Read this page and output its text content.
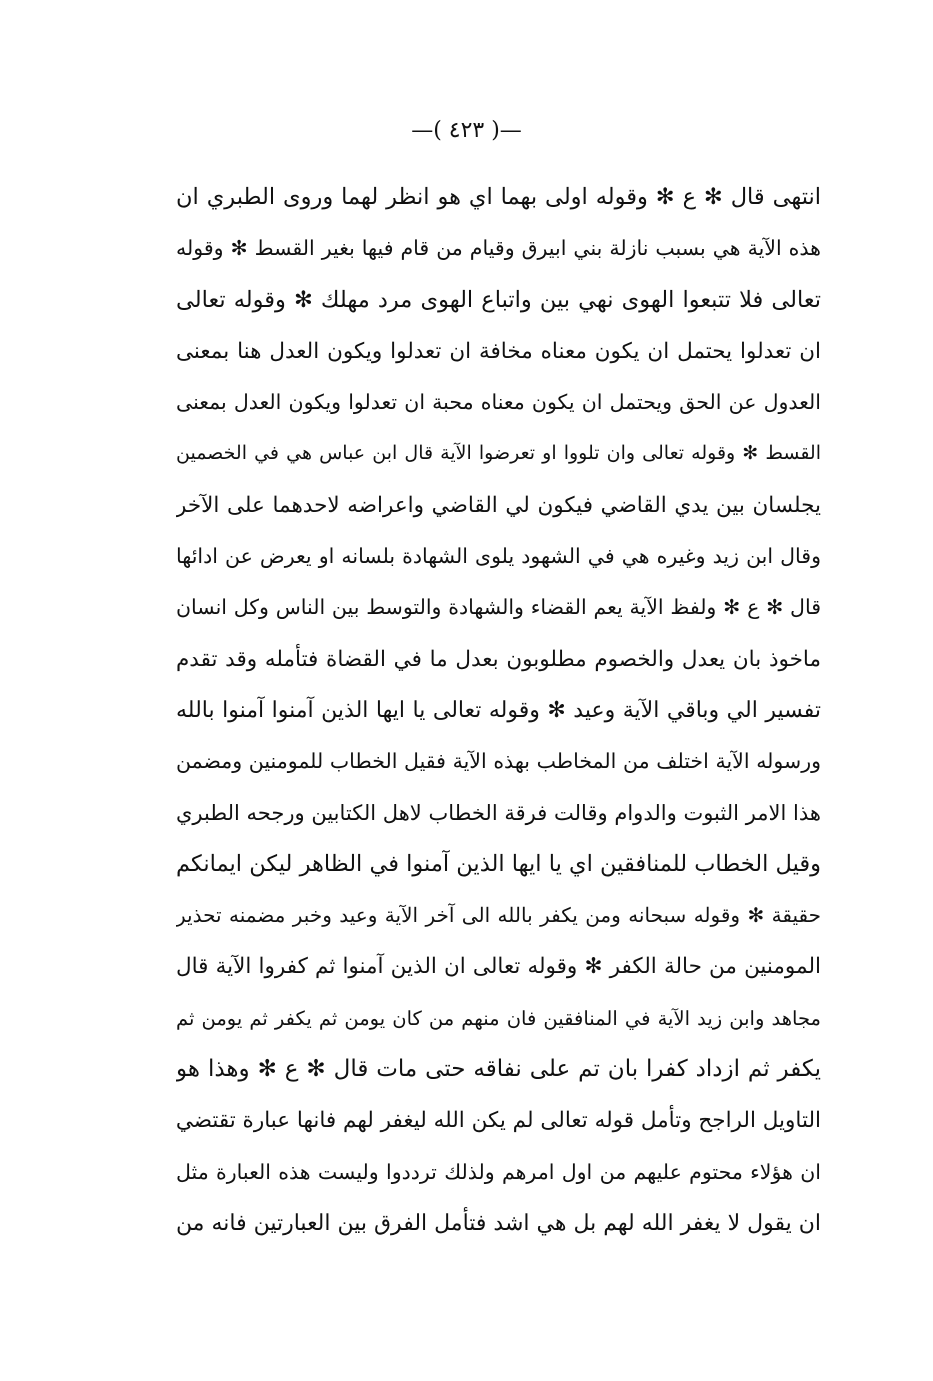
—( ٤٢٣ )—
انتهى قال ✻ ع ✻ وقوله اولى بهما اي هو انظر لهما وروى الطبري ان
هذه الآية هي بسبب نازلة بني ابيرق وقيام من قام فيها بغير القسط ✻ وقوله
تعالى فلا تتبعوا الهوى نهي بين واتباع الهوى مرد مهلك ✻ وقوله تعالى
ان تعدلوا يحتمل ان يكون معناه مخافة ان تعدلوا ويكون العدل هنا بمعنى
العدول عن الحق ويحتمل ان يكون معناه محبة ان تعدلوا ويكون العدل بمعنى
القسط ✻ وقوله تعالى وان تلووا او تعرضوا الآية قال ابن عباس هي في الخصمين
يجلسان بين يدي القاضي فيكون لي القاضي واعراضه لاحدهما على الآخر
وقال ابن زيد وغيره هي في الشهود يلوى الشهادة بلسانه او يعرض عن ادائها
قال ✻ ع ✻ ولفظ الآية يعم القضاء والشهادة والتوسط بين الناس وكل انسان
ماخوذ بان يعدل والخصوم مطلوبون بعدل ما في القضاة فتأمله وقد تقدم
تفسير الي وباقي الآية وعيد ✻ وقوله تعالى يا ايها الذين آمنوا آمنوا بالله
ورسوله الآية اختلف من المخاطب بهذه الآية فقيل الخطاب للمومنين ومضمن
هذا الامر الثبوت والدوام وقالت فرقة الخطاب لاهل الكتابين ورجحه الطبري
وقيل الخطاب للمنافقين اي يا ايها الذين آمنوا في الظاهر ليكن ايمانكم
حقيقة ✻ وقوله سبحانه ومن يكفر بالله الى آخر الآية وعيد وخبر مضمنه تحذير
المومنين من حالة الكفر ✻ وقوله تعالى ان الذين آمنوا ثم كفروا الآية قال
مجاهد وابن زيد الآية في المنافقين فان منهم من كان يومن ثم يكفر ثم يومن ثم
يكفر ثم ازداد كفرا بان تم على نفاقه حتى مات قال ✻ ع ✻ وهذا هو
التاويل الراجح وتأمل قوله تعالى لم يكن الله ليغفر لهم فانها عبارة تقتضي
ان هؤلاء محتوم عليهم من اول امرهم ولذلك ترددوا وليست هذه العبارة مثل
ان يقول لا يغفر الله لهم بل هي اشد فتأمل الفرق بين العبارتين فانه من
